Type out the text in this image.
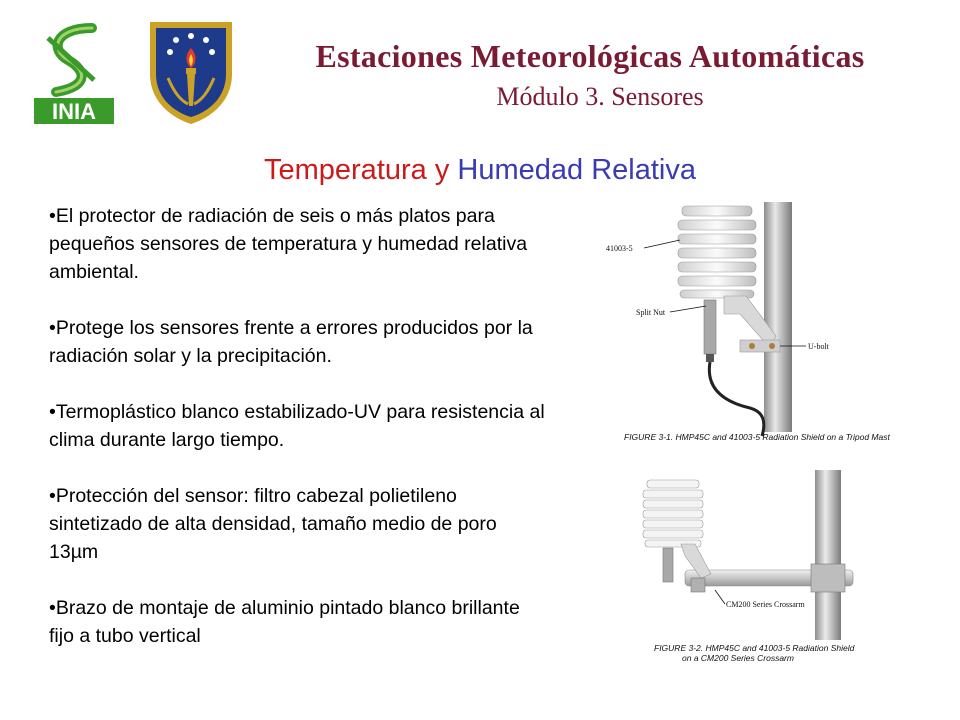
INIA
Estaciones Meteorológicas Automáticas
Módulo 3. Sensores
Temperatura y Humedad Relativa

•El protector de radiación de seis o más platos para pequeños sensores de temperatura y humedad relativa ambiental.

•Protege los sensores frente a errores producidos por la radiación solar y la precipitación.

•Termoplástico blanco estabilizado-UV para resistencia al clima durante largo tiempo.

•Protección del sensor: filtro cabezal polietileno sintetizado de alta densidad, tamaño medio de poro 13µm

•Brazo de montaje de aluminio pintado blanco brillante fijo a tubo vertical

41003-5
Split Nut
U-bolt
FIGURE 3-1. HMP45C and 41003-5 Radiation Shield on a Tripod Mast
CM200 Series Crossarm
FIGURE 3-2. HMP45C and 41003-5 Radiation Shield
on a CM200 Series Crossarm
